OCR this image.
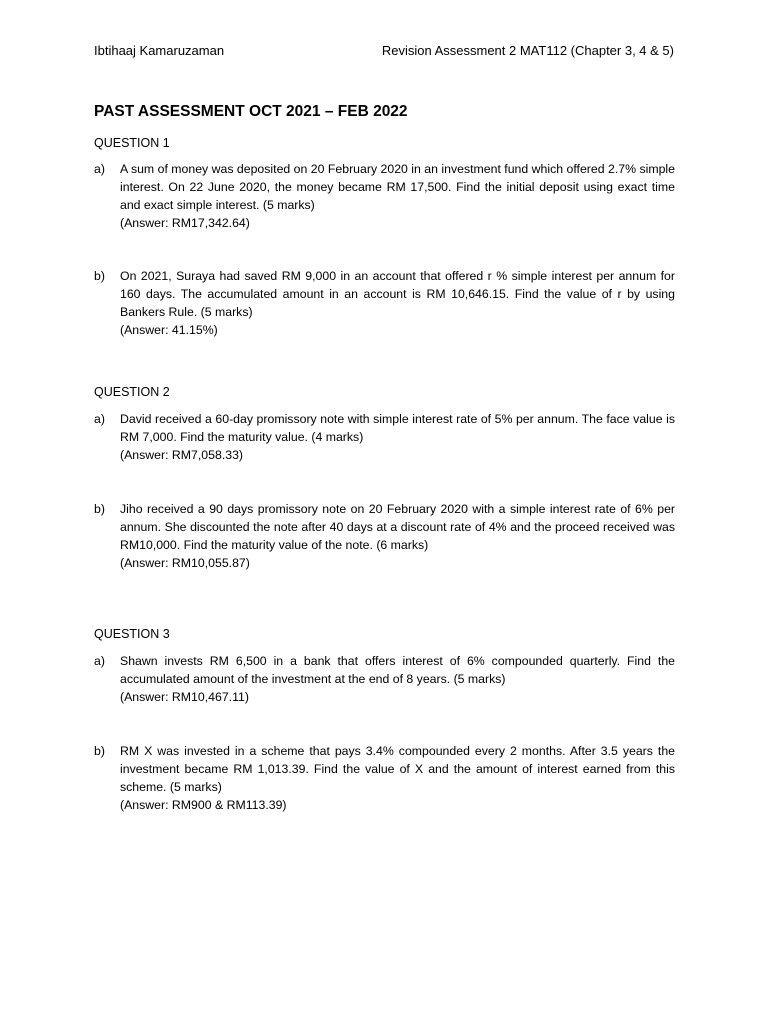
Ibtihaaj Kamaruzaman	Revision Assessment 2 MAT112 (Chapter 3, 4 & 5)
PAST ASSESSMENT OCT 2021 – FEB 2022
QUESTION 1
a)	A sum of money was deposited on 20 February 2020 in an investment fund which offered 2.7% simple interest. On 22 June 2020, the money became RM 17,500. Find the initial deposit using exact time and exact simple interest. (5 marks)
(Answer: RM17,342.64)
b)	On 2021, Suraya had saved RM 9,000 in an account that offered r % simple interest per annum for 160 days. The accumulated amount in an account is RM 10,646.15. Find the value of r by using Bankers Rule. (5 marks)
(Answer: 41.15%)
QUESTION 2
a)	David received a 60-day promissory note with simple interest rate of 5% per annum. The face value is RM 7,000. Find the maturity value. (4 marks)
(Answer: RM7,058.33)
b)	Jiho received a 90 days promissory note on 20 February 2020 with a simple interest rate of 6% per annum. She discounted the note after 40 days at a discount rate of 4% and the proceed received was RM10,000. Find the maturity value of the note. (6 marks)
(Answer: RM10,055.87)
QUESTION 3
a)	Shawn invests RM 6,500 in a bank that offers interest of 6% compounded quarterly. Find the accumulated amount of the investment at the end of 8 years. (5 marks)
(Answer: RM10,467.11)
b)	RM X was invested in a scheme that pays 3.4% compounded every 2 months. After 3.5 years the investment became RM 1,013.39. Find the value of X and the amount of interest earned from this scheme. (5 marks)
(Answer: RM900 & RM113.39)
